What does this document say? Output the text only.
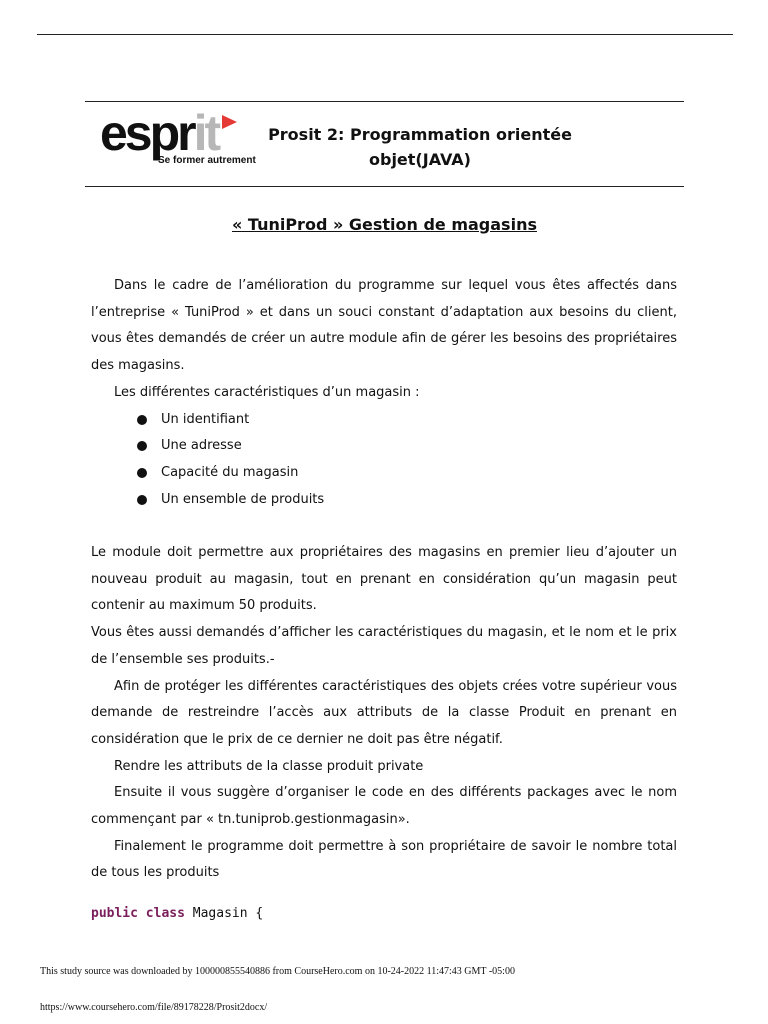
esprit
Se former autrement
Prosit 2: Programmation orientée
objet(JAVA)
« TuniProd » Gestion de magasins

Dans le cadre de l’amélioration du programme sur lequel vous êtes affectés dans l’entreprise « TuniProd » et dans un souci constant d’adaptation aux besoins du client, vous êtes demandés de créer un autre module afin de gérer les besoins des propriétaires des magasins.

Les différentes caractéristiques d’un magasin :

Un identifiant
Une adresse
Capacité du magasin
Un ensemble de produits

Le module doit permettre aux propriétaires des magasins en premier lieu d’ajouter un nouveau produit au magasin, tout en prenant en considération qu’un magasin peut contenir au maximum 50 produits.

Vous êtes aussi demandés d’afficher les caractéristiques du magasin, et le nom et le prix de l’ensemble ses produits.-

Afin de protéger les différentes caractéristiques des objets crées votre supérieur vous demande de restreindre l’accès aux attributs de la classe Produit en prenant en considération que le prix de ce dernier ne doit pas être négatif.

Rendre les attributs de la classe produit private

Ensuite il vous suggère d’organiser le code en des différents packages avec le nom commençant par « tn.tuniprob.gestionmagasin».

Finalement le programme doit permettre à son propriétaire de savoir le nombre total de tous les produits

public class Magasin {
This study source was downloaded by 100000855540886 from CourseHero.com on 10-24-2022 11:47:43 GMT -05:00
https://www.coursehero.com/file/89178228/Prosit2docx/
